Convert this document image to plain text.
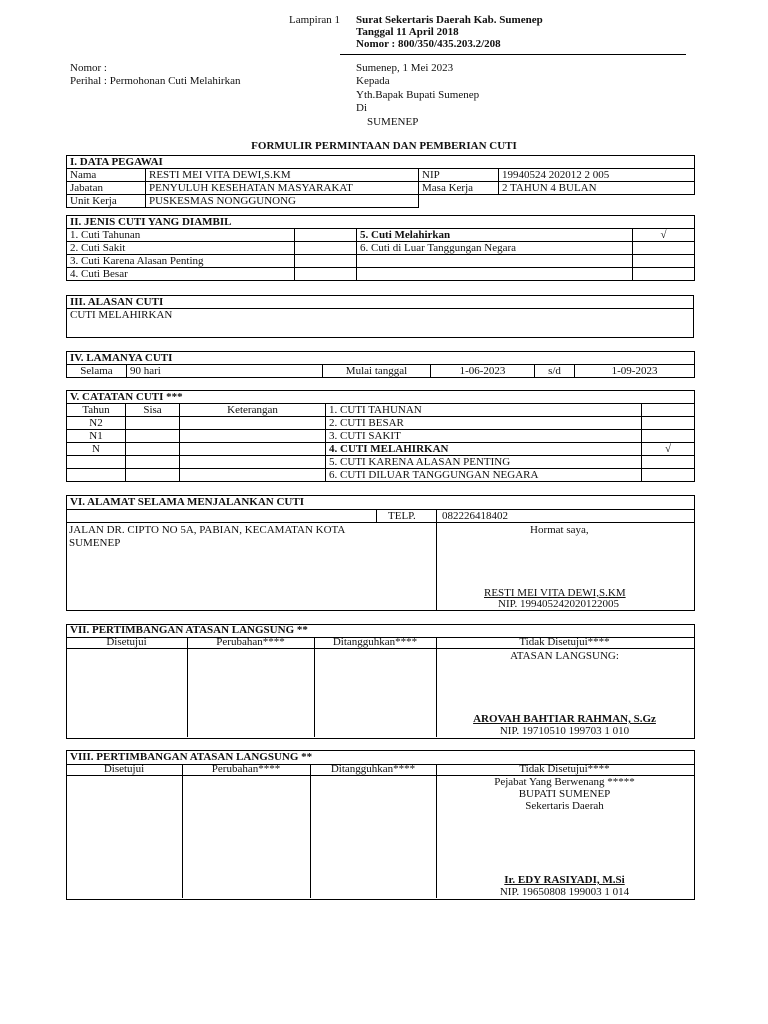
Lampiran 1 Surat Sekertaris Daerah Kab. Sumenep
Tanggal 11 April 2018
Nomor : 800/350/435.203.2/208
Nomor :
Perihal : Permohonan Cuti Melahirkan
Sumenep, 1 Mei 2023
Kepada
Yth.Bapak Bupati Sumenep
Di
SUMENEP
FORMULIR PERMINTAAN DAN PEMBERIAN CUTI
I. DATA PEGAWAI			
Nama	RESTI MEI VITA DEWI,S.KM	NIP	19940524 202012 2 005
Jabatan	PENYULUH KESEHATAN MASYARAKAT	Masa Kerja	2 TAHUN 4 BULAN
Unit Kerja	PUSKESMAS NONGGUNONG		
II. JENIS CUTI YANG DIAMBIL			
1. Cuti Tahunan		5. Cuti Melahirkan	√
2. Cuti Sakit		6. Cuti di Luar Tanggungan Negara	
3. Cuti Karena Alasan Penting			
4. Cuti Besar			
III. ALASAN CUTI
CUTI MELAHIRKAN
IV. LAMANYA CUTI
Selama	90 hari	Mulai tanggal	1-06-2023	s/d	1-09-2023
V. CATATAN CUTI ***				
Tahun	Sisa	Keterangan	1. CUTI TAHUNAN	
N2			2. CUTI BESAR	
N1			3. CUTI SAKIT	
N			4. CUTI MELAHIRKAN	√
			5. CUTI KARENA ALASAN PENTING	
			6. CUTI DILUAR TANGGUNGAN NEGARA	
VI. ALAMAT SELAMA MENJALANKAN CUTI
TELP. 082226418402
JALAN DR. CIPTO NO 5A, PABIAN, KECAMATAN KOTA
SUMENEP
Hormat saya,
RESTI MEI VITA DEWI,S.KM
NIP. 199405242020122005
VII. PERTIMBANGAN ATASAN LANGSUNG **
Disetujui	Perubahan****	Ditangguhkan****	Tidak Disetujui****
ATASAN LANGSUNG:
AROVAH BAHTIAR RAHMAN, S.Gz
NIP. 19710510 199703 1 010
VIII. PERTIMBANGAN ATASAN LANGSUNG **
Disetujui	Perubahan****	Ditangguhkan****	Tidak Disetujui****
Pejabat Yang Berwenang *****
BUPATI SUMENEP
Sekertaris Daerah
Ir. EDY RASIYADI, M.Si
NIP. 19650808 199003 1 014
